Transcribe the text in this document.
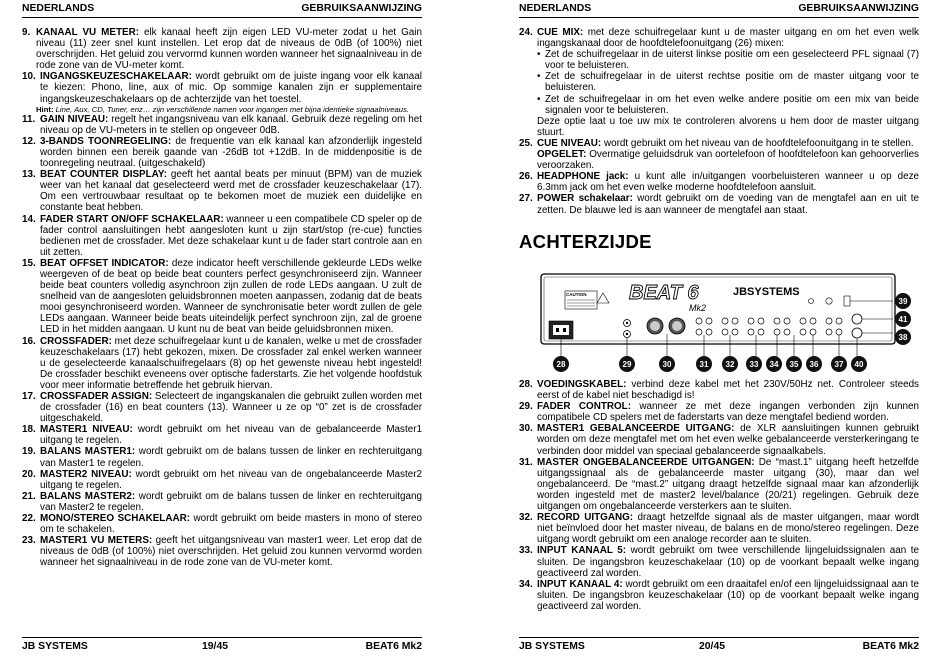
NEDERLANDS	GEBRUIKSAANWIJZING
9. KANAAL VU METER: elk kanaal heeft zijn eigen LED VU-meter zodat u het Gain niveau (11) zeer snel kunt instellen. Let erop dat de niveaus de 0dB (of 100%) niet overschrijden. Het geluid zou vervormd kunnen worden wanneer het signaalniveau in de rode zone van de VU-meter komt.
10. INGANGSKEUZESCHAKELAAR: wordt gebruikt om de juiste ingang voor elk kanaal te kiezen: Phono, line, aux of mic. Op sommige kanalen zijn er supplementaire ingangskeuzeschakelaars op de achterzijde van het toestel.
Hint: Line, Aux, CD, Tuner, enz… zijn verschillende namen voor ingangen met bijna identieke signaalniveaus.
11. GAIN NIVEAU: regelt het ingangsniveau van elk kanaal. Gebruik deze regeling om het niveau op de VU-meters in te stellen op ongeveer 0dB.
12. 3-BANDS TOONREGELING: de frequentie van elk kanaal kan afzonderlijk ingesteld worden binnen een bereik gaande van -26dB tot +12dB. In de middenpositie is de toonregeling neutraal. (uitgeschakeld)
13. BEAT COUNTER DISPLAY: geeft het aantal beats per minuut (BPM) van de muziek weer van het kanaal dat geselecteerd werd met de crossfader keuzeschakelaar (17). Om een vertrouwbaar resultaat op te bekomen moet de muziek een duidelijke en constante beat hebben.
14. FADER START ON/OFF SCHAKELAAR: wanneer u een compatibele CD speler op de fader control aansluitingen hebt aangesloten kunt u zijn start/stop (re-cue) functies bedienen met de crossfader. Met deze schakelaar kunt u de fader start controle aan en uit zetten.
15. BEAT OFFSET INDICATOR: deze indicator heeft verschillende gekleurde LEDs welke weergeven of de beat op beide beat counters perfect gesynchroniseerd zijn. Wanneer beide beat counters volledig asynchroon zijn zullen de rode LEDs aangaan. U zult de snelheid van de aangesloten geluidsbronnen moeten aanpassen, zodanig dat de beats mooi gesynchroniseerd worden. Wanneer de synchronisatie beter wordt zullen de gele LEDs aangaan. Wanneer beide beats uiteindelijk perfect synchroon zijn, zal de groene LED in het midden aangaan. U kunt nu de beat van beide geluidsbronnen mixen.
16. CROSSFADER: met deze schuifregelaar kunt u de kanalen, welke u met de crossfader keuzeschakelaars (17) hebt gekozen, mixen. De crossfader zal enkel werken wanneer u de geselecteerde kanaalschuifregelaars (8) op het gewenste niveau hebt ingesteld! De crossfader beschikt eveneens over optische faderstarts. Zie het volgende hoofdstuk voor meer informatie betreffende het gebruik hiervan.
17. CROSSFADER ASSIGN: Selecteert de ingangskanalen die gebruikt zullen worden met de crossfader (16) en beat counters (13). Wanneer u ze op “0” zet is de crossfader uitgeschakeld.
18. MASTER1 NIVEAU: wordt gebruikt om het niveau van de gebalanceerde Master1 uitgang te regelen.
19. BALANS MASTER1: wordt gebruikt om de balans tussen de linker en rechteruitgang van Master1 te regelen.
20. MASTER2 NIVEAU: wordt gebruikt om het niveau van de ongebalanceerde Master2 uitgang te regelen.
21. BALANS MASTER2: wordt gebruikt om de balans tussen de linker en rechteruitgang van Master2 te regelen.
22. MONO/STEREO SCHAKELAAR: wordt gebruikt om beide masters in mono of stereo om te schakelen.
23. MASTER1 VU METERS: geeft het uitgangsniveau van master1 weer. Let erop dat de niveaus de 0dB (of 100%) niet overschrijden. Het geluid zou kunnen vervormd worden wanneer het signaalniveau in de rode zone van de VU-meter komt.
JB SYSTEMS	19/45	BEAT6 Mk2
NEDERLANDS	GEBRUIKSAANWIJZING
24. CUE MIX: met deze schuifregelaar kunt u de master uitgang en om het even welk ingangskanaal door de hoofdtelefoonuitgang (26) mixen:
• Zet de schuifregelaar in de uiterst linkse positie om een geselecteerd PFL signaal (7) voor te beluisteren.
• Zet de schuifregelaar in de uiterst rechtse positie om de master uitgang voor te beluisteren.
• Zet de schuifregelaar in om het even welke andere positie om een mix van beide signalen voor te beluisteren.
Deze optie laat u toe uw mix te controleren alvorens u hem door de master uitgang stuurt.
25. CUE NIVEAU: wordt gebruikt om het niveau van de hoofdtelefoonuitgang in te stellen.
OPGELET: Overmatige geluidsdruk van oortelefoon of hoofdtelefoon kan gehoorverlies veroorzaken.
26. HEADPHONE jack: u kunt alle in/uitgangen voorbeluisteren wanneer u op deze 6.3mm jack om het even welke moderne hoofdtelefoon aansluit.
27. POWER schakelaar: wordt gebruikt om de voeding van de mengtafel aan en uit te zetten. De blauwe led is aan wanneer de mengtafel aan staat.
ACHTERZIJDE
CAUTION BEAT 6
Mk2
JBSYSTEMS
28	29	30	31 32 33 34 35 36 37 40
38
39
41
28. VOEDINGSKABEL: verbind deze kabel met het 230V/50Hz net. Controleer steeds eerst of de kabel niet beschadigd is!
29. FADER CONTROL: wanneer ze met deze ingangen verbonden zijn kunnen compatibele CD spelers met de faderstarts van deze mengtafel bediend worden.
30. MASTER1 GEBALANCEERDE UITGANG: de XLR aansluitingen kunnen gebruikt worden om deze mengtafel met om het even welke gebalanceerde versterkeringang te verbinden door middel van speciaal gebalanceerde signaalkabels.
31. MASTER ONGEBALANCEERDE UITGANGEN: De “mast.1” uitgang heeft hetzelfde uitgangssignaal als de gebalanceerde master uitgang (30), maar dan wel ongebalanceerd. De “mast.2” uitgang draagt hetzelfde signaal maar kan afzonderlijk worden ingesteld met de master2 level/balance (20/21) regelingen. Gebruik deze uitgangen om ongebalanceerde versterkers aan te sluiten.
32. RECORD UITGANG: draagt hetzelfde signaal als de master uitgangen, maar wordt niet beïnvloed door het master niveau, de balans en de mono/stereo regelingen. Deze uitgang wordt gebruikt om een analoge recorder aan te sluiten.
33. INPUT KANAAL 5: wordt gebruikt om twee verschillende lijngeluidssignalen aan te sluiten. De ingangsbron keuzeschakelaar (10) op de voorkant bepaalt welke ingang geactiveerd zal worden.
34. INPUT KANAAL 4: wordt gebruikt om een draaitafel en/of een lijngeluidssignaal aan te sluiten. De ingangsbron keuzeschakelaar (10) op de voorkant bepaalt welke ingang geactiveerd zal worden.
JB SYSTEMS	20/45	BEAT6 Mk2
